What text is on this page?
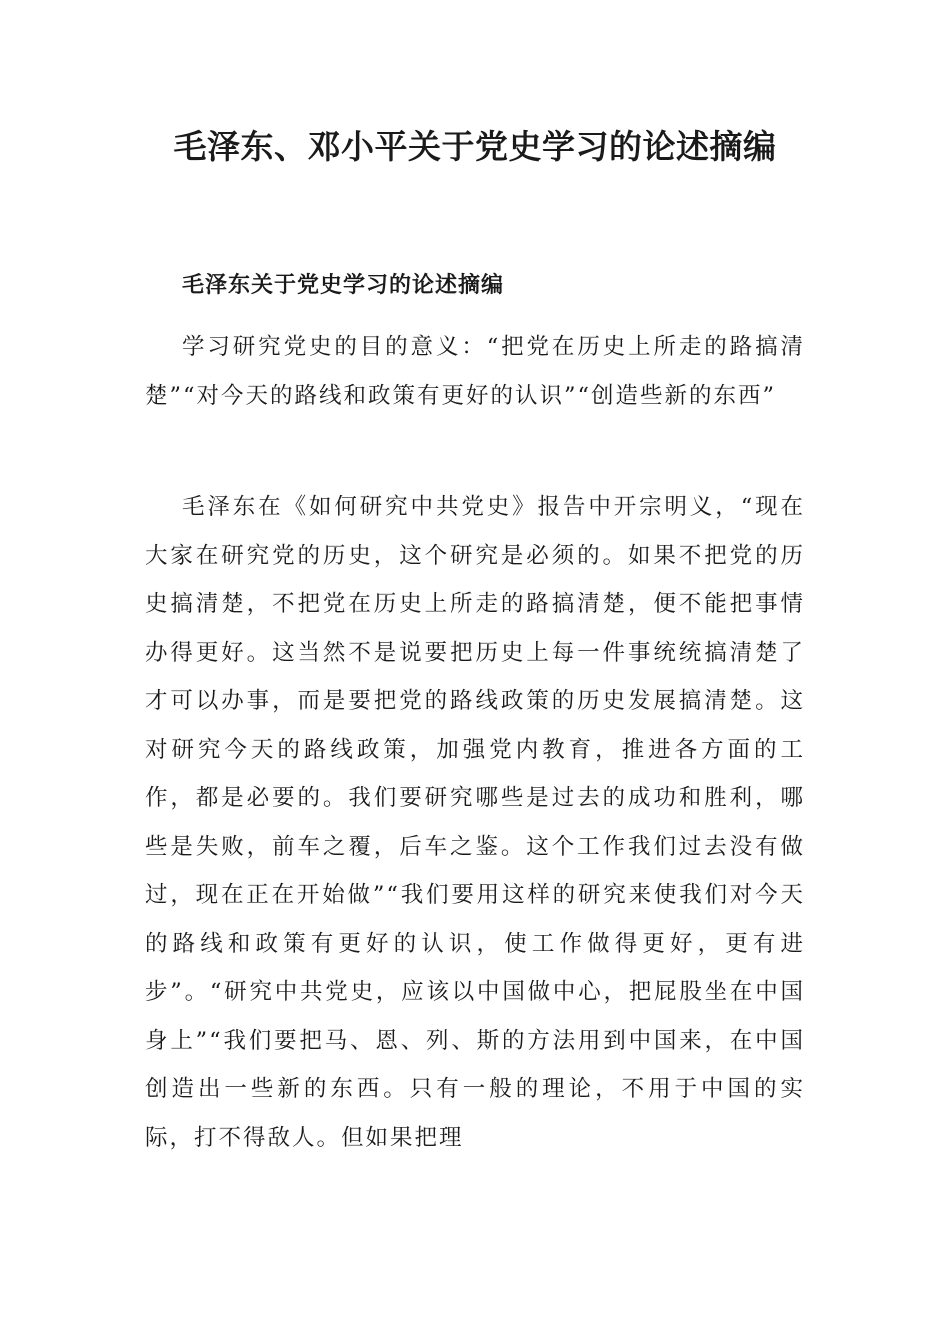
毛泽东、邓小平关于党史学习的论述摘编
毛泽东关于党史学习的论述摘编

学习研究党史的目的意义：“把党在历史上所走的路搞清楚”“对今天的路线和政策有更好的认识”“创造些新的东西”

毛泽东在《如何研究中共党史》报告中开宗明义，“现在大家在研究党的历史，这个研究是必须的。如果不把党的历史搞清楚，不把党在历史上所走的路搞清楚，便不能把事情办得更好。这当然不是说要把历史上每一件事统统搞清楚了才可以办事，而是要把党的路线政策的历史发展搞清楚。这对研究今天的路线政策，加强党内教育，推进各方面的工作，都是必要的。我们要研究哪些是过去的成功和胜利，哪些是失败，前车之覆，后车之鉴。这个工作我们过去没有做过，现在正在开始做”“我们要用这样的研究来使我们对今天的路线和政策有更好的认识，使工作做得更好，更有进步”。“研究中共党史，应该以中国做中心，把屁股坐在中国身上”“我们要把马、恩、列、斯的方法用到中国来，在中国创造出一些新的东西。只有一般的理论，不用于中国的实际，打不得敌人。但如果把理
